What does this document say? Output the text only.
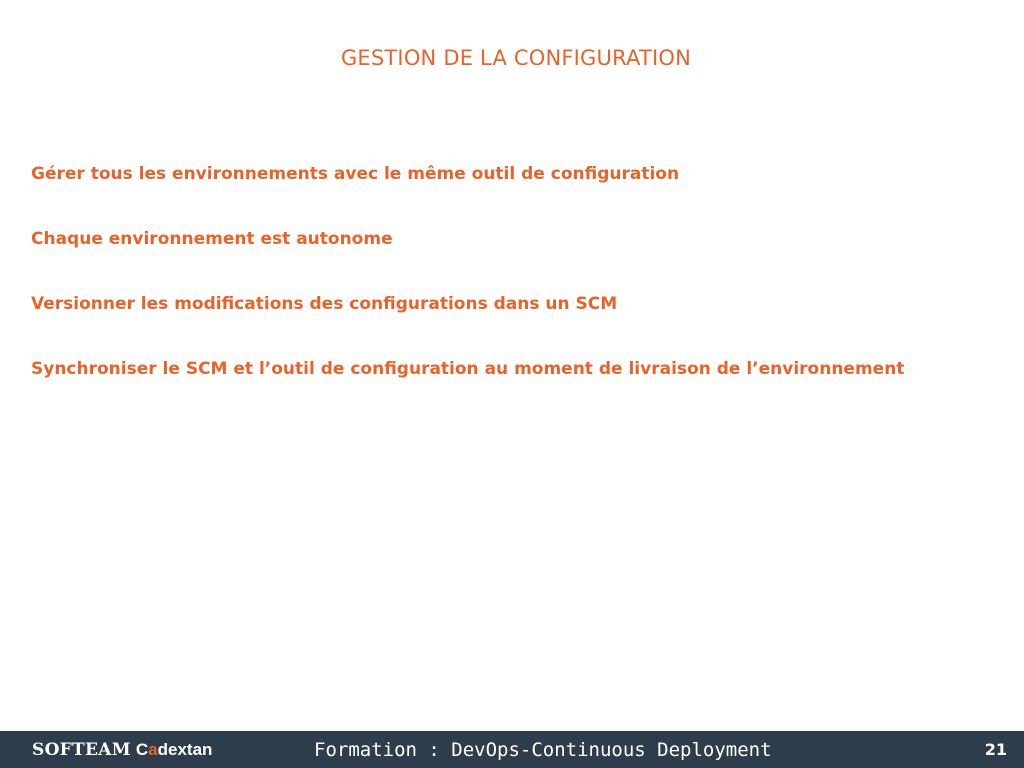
GESTION DE LA CONFIGURATION
Gérer tous les environnements avec le même outil de configuration
Chaque environnement est autonome
Versionner les modifications des configurations dans un SCM
Synchroniser le SCM et l’outil de configuration au moment de livraison de l’environnement
SOFTEAM Cadextan	Formation : DevOps-Continuous Deployment	21
